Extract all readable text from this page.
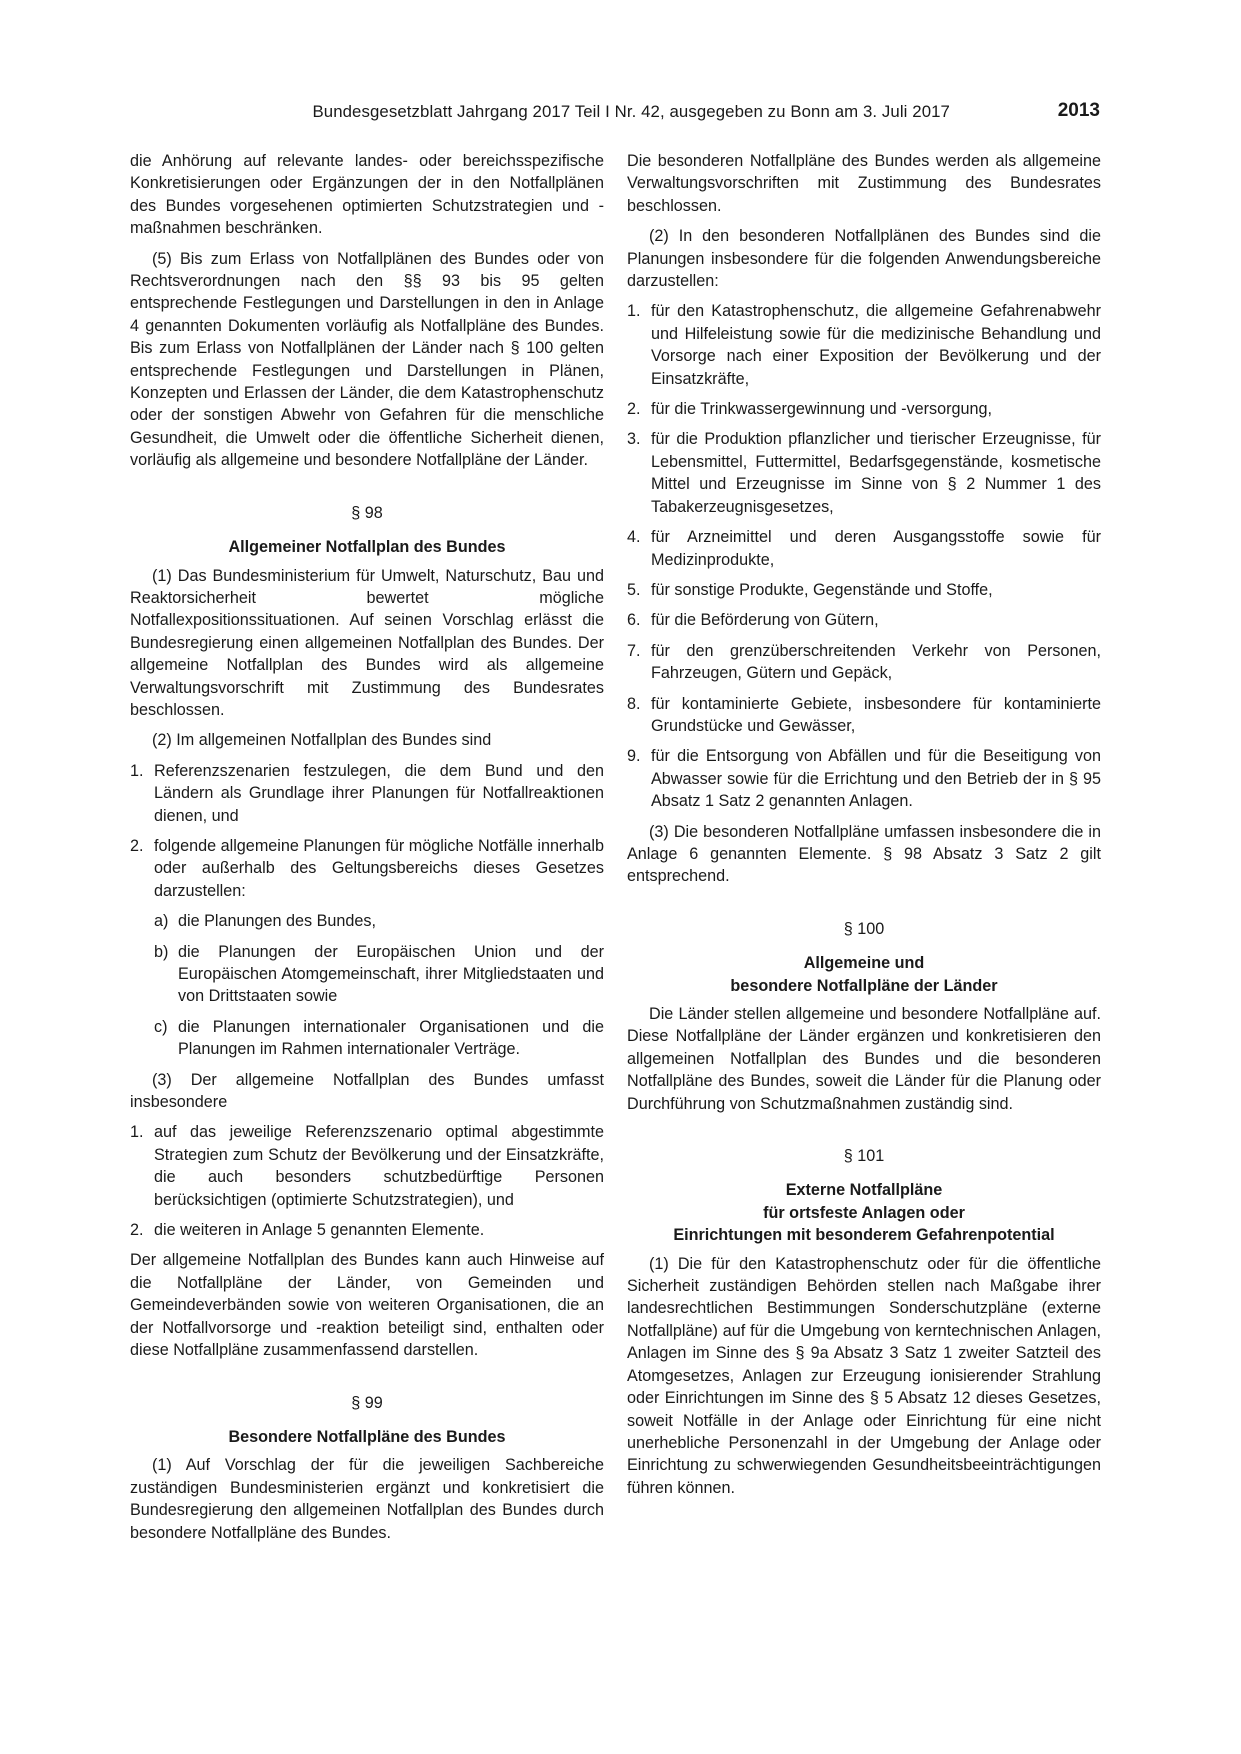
Bundesgesetzblatt Jahrgang 2017 Teil I Nr. 42, ausgegeben zu Bonn am 3. Juli 2017	2013

die Anhörung auf relevante landes- oder bereichsspezifische Konkretisierungen oder Ergänzungen der in den Notfallplänen des Bundes vorgesehenen optimierten Schutzstrategien und -maßnahmen beschränken.

(5) Bis zum Erlass von Notfallplänen des Bundes oder von Rechtsverordnungen nach den §§ 93 bis 95 gelten entsprechende Festlegungen und Darstellungen in den in Anlage 4 genannten Dokumenten vorläufig als Notfallpläne des Bundes. Bis zum Erlass von Notfallplänen der Länder nach § 100 gelten entsprechende Festlegungen und Darstellungen in Plänen, Konzepten und Erlassen der Länder, die dem Katastrophenschutz oder der sonstigen Abwehr von Gefahren für die menschliche Gesundheit, die Umwelt oder die öffentliche Sicherheit dienen, vorläufig als allgemeine und besondere Notfallpläne der Länder.

§ 98
Allgemeiner Notfallplan des Bundes

(1) Das Bundesministerium für Umwelt, Naturschutz, Bau und Reaktorsicherheit bewertet mögliche Notfallexpositionssituationen. Auf seinen Vorschlag erlässt die Bundesregierung einen allgemeinen Notfallplan des Bundes. Der allgemeine Notfallplan des Bundes wird als allgemeine Verwaltungsvorschrift mit Zustimmung des Bundesrates beschlossen.

(2) Im allgemeinen Notfallplan des Bundes sind

1. Referenzszenarien festzulegen, die dem Bund und den Ländern als Grundlage ihrer Planungen für Notfallreaktionen dienen, und
2. folgende allgemeine Planungen für mögliche Notfälle innerhalb oder außerhalb des Geltungsbereichs dieses Gesetzes darzustellen:
a) die Planungen des Bundes,
b) die Planungen der Europäischen Union und der Europäischen Atomgemeinschaft, ihrer Mitgliedstaaten und von Drittstaaten sowie
c) die Planungen internationaler Organisationen und die Planungen im Rahmen internationaler Verträge.

(3) Der allgemeine Notfallplan des Bundes umfasst insbesondere

1. auf das jeweilige Referenzszenario optimal abgestimmte Strategien zum Schutz der Bevölkerung und der Einsatzkräfte, die auch besonders schutzbedürftige Personen berücksichtigen (optimierte Schutzstrategien), und
2. die weiteren in Anlage 5 genannten Elemente.

Der allgemeine Notfallplan des Bundes kann auch Hinweise auf die Notfallpläne der Länder, von Gemeinden und Gemeindeverbänden sowie von weiteren Organisationen, die an der Notfallvorsorge und -reaktion beteiligt sind, enthalten oder diese Notfallpläne zusammenfassend darstellen.

§ 99
Besondere Notfallpläne des Bundes

(1) Auf Vorschlag der für die jeweiligen Sachbereiche zuständigen Bundesministerien ergänzt und konkretisiert die Bundesregierung den allgemeinen Notfallplan des Bundes durch besondere Notfallpläne des Bundes.

Die besonderen Notfallpläne des Bundes werden als allgemeine Verwaltungsvorschriften mit Zustimmung des Bundesrates beschlossen.

(2) In den besonderen Notfallplänen des Bundes sind die Planungen insbesondere für die folgenden Anwendungsbereiche darzustellen:

1. für den Katastrophenschutz, die allgemeine Gefahrenabwehr und Hilfeleistung sowie für die medizinische Behandlung und Vorsorge nach einer Exposition der Bevölkerung und der Einsatzkräfte,
2. für die Trinkwassergewinnung und -versorgung,
3. für die Produktion pflanzlicher und tierischer Erzeugnisse, für Lebensmittel, Futtermittel, Bedarfsgegenstände, kosmetische Mittel und Erzeugnisse im Sinne von § 2 Nummer 1 des Tabakerzeugnisgesetzes,
4. für Arzneimittel und deren Ausgangsstoffe sowie für Medizinprodukte,
5. für sonstige Produkte, Gegenstände und Stoffe,
6. für die Beförderung von Gütern,
7. für den grenzüberschreitenden Verkehr von Personen, Fahrzeugen, Gütern und Gepäck,
8. für kontaminierte Gebiete, insbesondere für kontaminierte Grundstücke und Gewässer,
9. für die Entsorgung von Abfällen und für die Beseitigung von Abwasser sowie für die Errichtung und den Betrieb der in § 95 Absatz 1 Satz 2 genannten Anlagen.

(3) Die besonderen Notfallpläne umfassen insbesondere die in Anlage 6 genannten Elemente. § 98 Absatz 3 Satz 2 gilt entsprechend.

§ 100
Allgemeine und
besondere Notfallpläne der Länder

Die Länder stellen allgemeine und besondere Notfallpläne auf. Diese Notfallpläne der Länder ergänzen und konkretisieren den allgemeinen Notfallplan des Bundes und die besonderen Notfallpläne des Bundes, soweit die Länder für die Planung oder Durchführung von Schutzmaßnahmen zuständig sind.

§ 101
Externe Notfallpläne
für ortsfeste Anlagen oder
Einrichtungen mit besonderem Gefahrenpotential

(1) Die für den Katastrophenschutz oder für die öffentliche Sicherheit zuständigen Behörden stellen nach Maßgabe ihrer landesrechtlichen Bestimmungen Sonderschutzpläne (externe Notfallpläne) auf für die Umgebung von kerntechnischen Anlagen, Anlagen im Sinne des § 9a Absatz 3 Satz 1 zweiter Satzteil des Atomgesetzes, Anlagen zur Erzeugung ionisierender Strahlung oder Einrichtungen im Sinne des § 5 Absatz 12 dieses Gesetzes, soweit Notfälle in der Anlage oder Einrichtung für eine nicht unerhebliche Personenzahl in der Umgebung der Anlage oder Einrichtung zu schwerwiegenden Gesundheitsbeeinträchtigungen führen können.
